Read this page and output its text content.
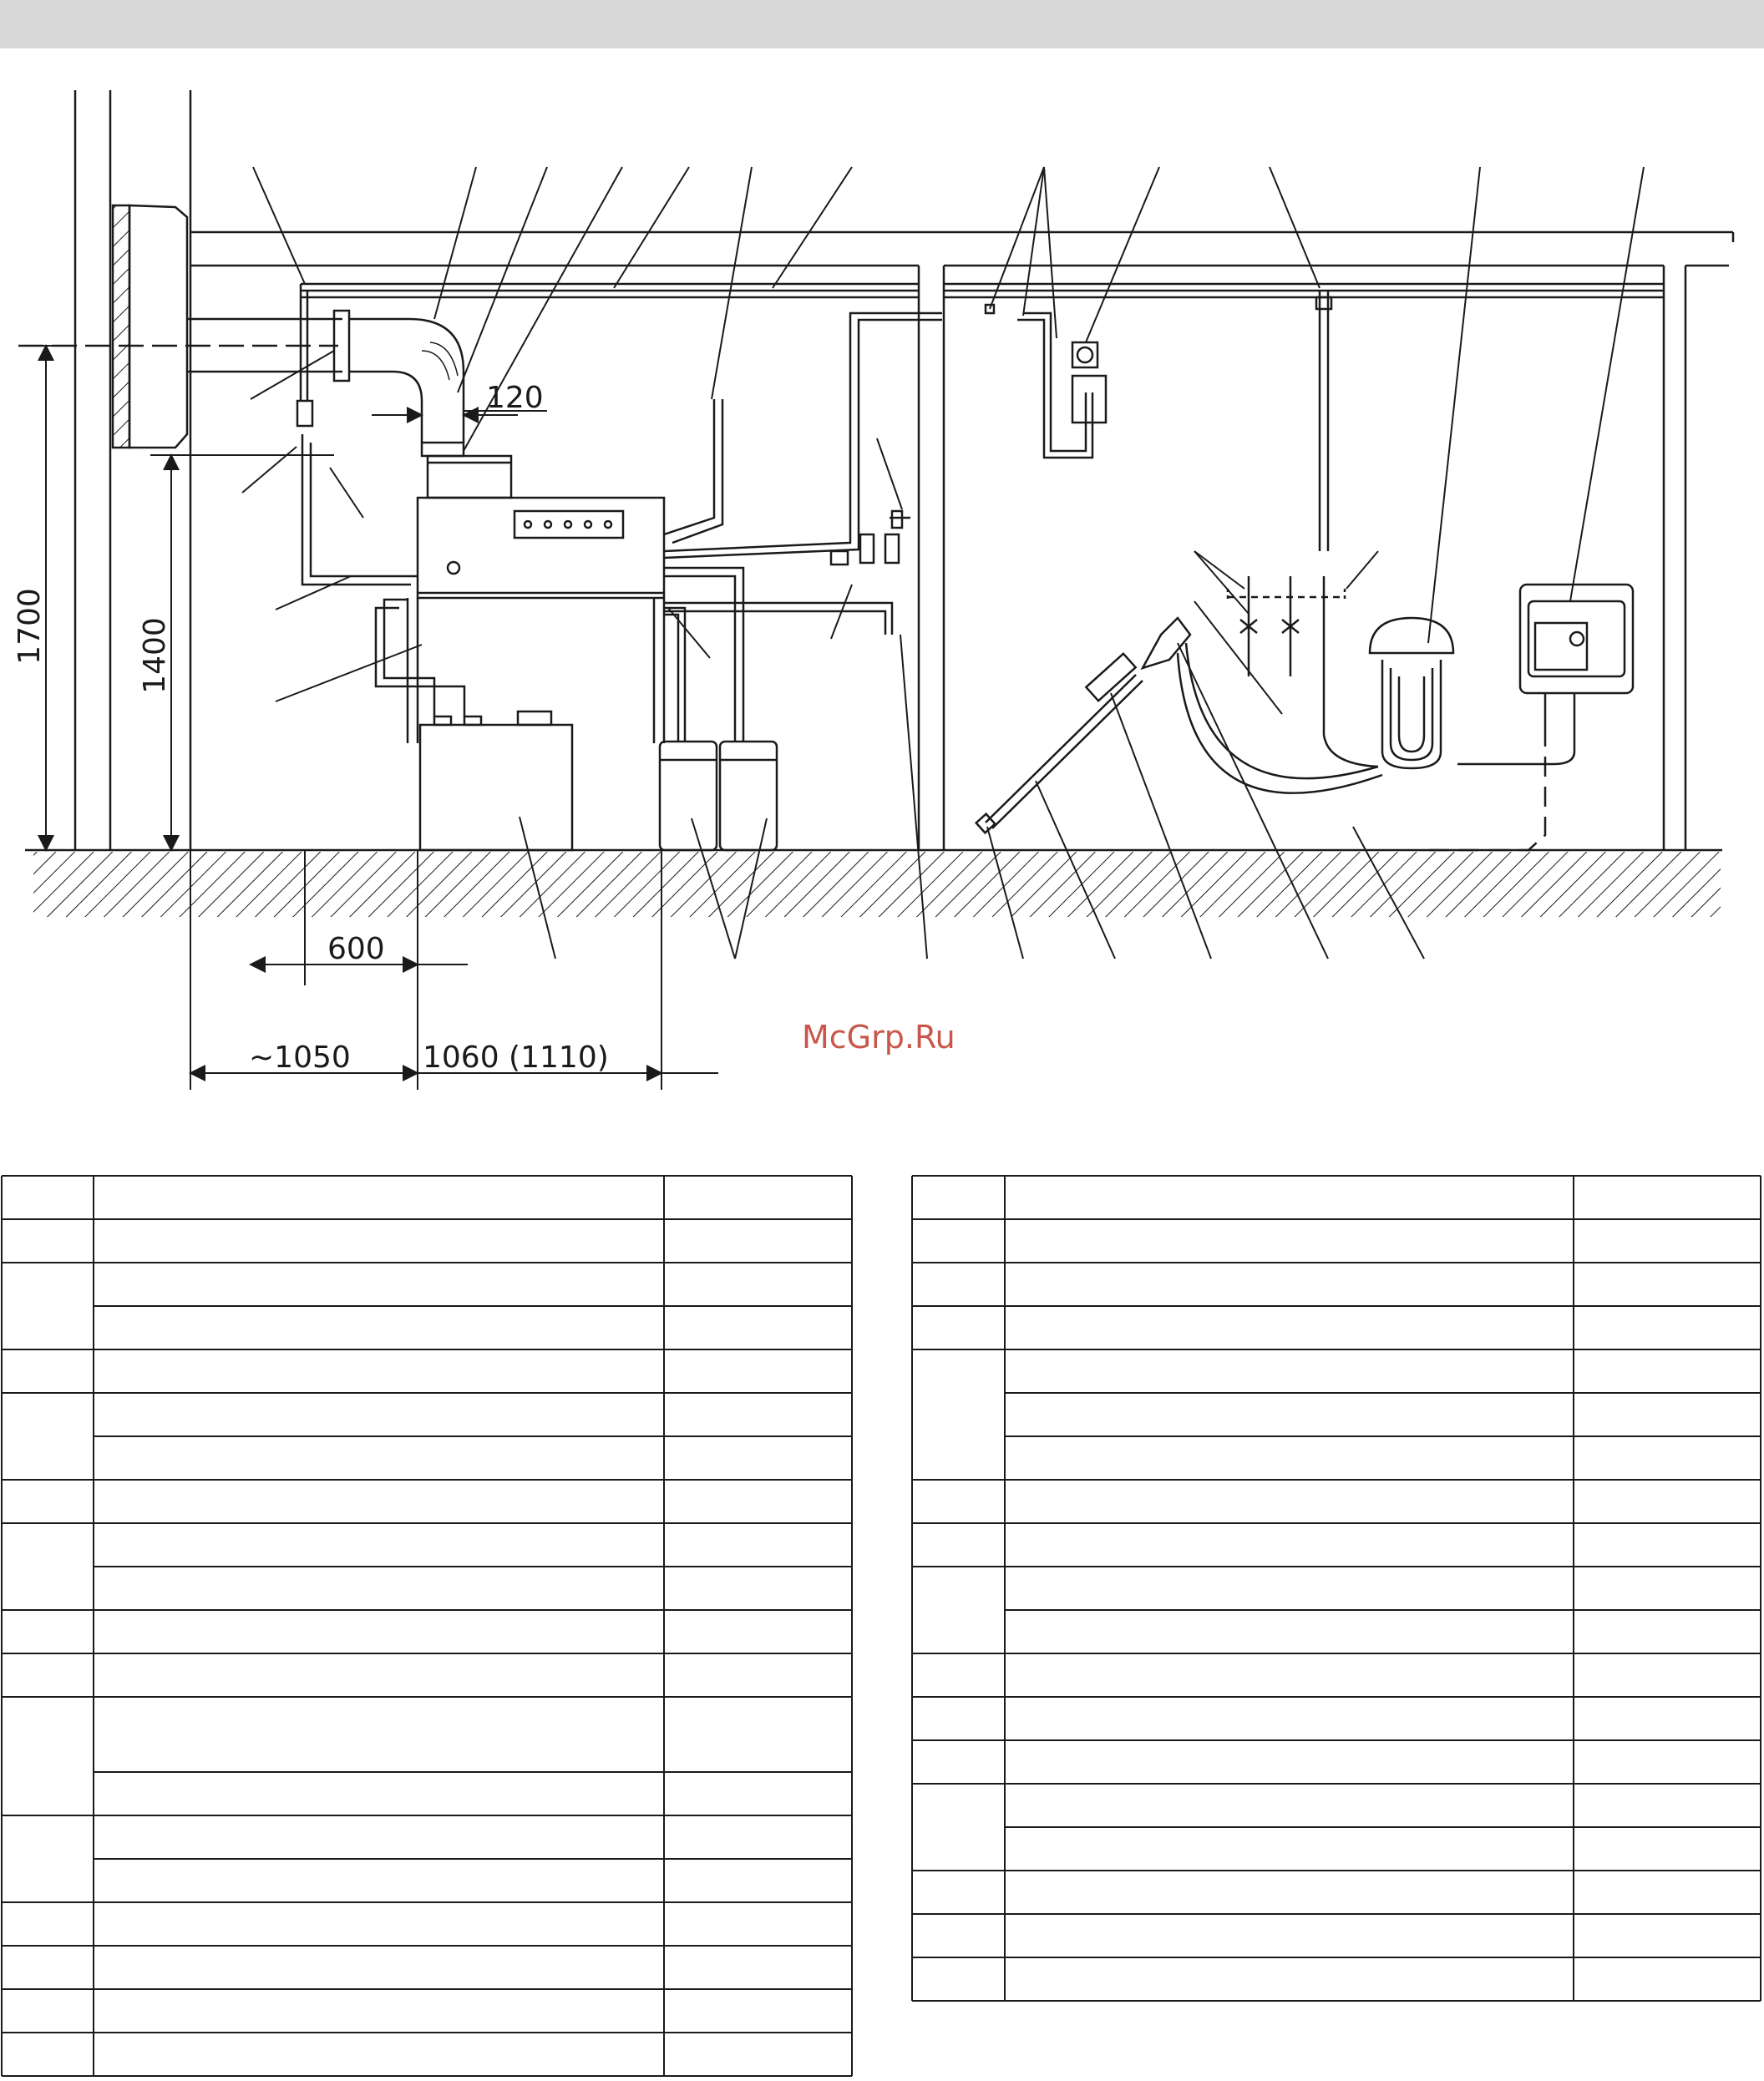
1700	1400
120
600
~1050 1060 (1110)
McGrp.Ru
